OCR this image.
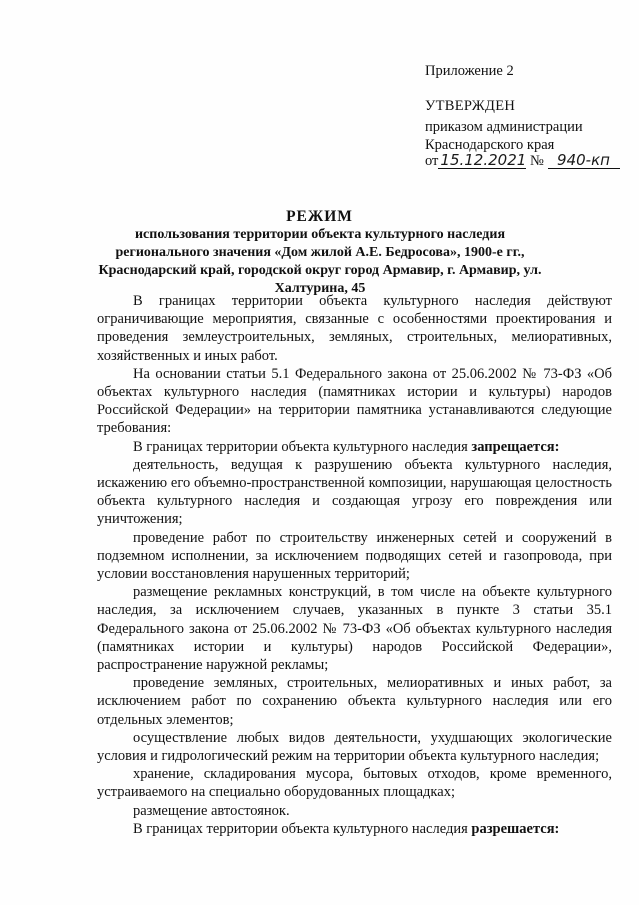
Приложение 2
УТВЕРЖДЕН
приказом администрации
Краснодарского края
от 15.12.2021 № 940-кп
РЕЖИМ
использования территории объекта культурного наследия регионального значения «Дом жилой А.Е. Бедросова», 1900-е гг., Краснодарский край, городской округ город Армавир, г. Армавир, ул. Халтурина, 45

В границах территории объекта культурного наследия действуют ограничивающие мероприятия, связанные с особенностями проектирования и проведения землеустроительных, земляных, строительных, мелиоративных, хозяйственных и иных работ.

На основании статьи 5.1 Федерального закона от 25.06.2002 № 73-ФЗ «Об объектах культурного наследия (памятниках истории и культуры) народов Российской Федерации» на территории памятника устанавливаются следующие требования:

В границах территории объекта культурного наследия запрещается:

деятельность, ведущая к разрушению объекта культурного наследия, искажению его объемно-пространственной композиции, нарушающая целостность объекта культурного наследия и создающая угрозу его повреждения или уничтожения;

проведение работ по строительству инженерных сетей и сооружений в подземном исполнении, за исключением подводящих сетей и газопровода, при условии восстановления нарушенных территорий;

размещение рекламных конструкций, в том числе на объекте культурного наследия, за исключением случаев, указанных в пункте 3 статьи 35.1 Федерального закона от 25.06.2002 № 73-ФЗ «Об объектах культурного наследия (памятниках истории и культуры) народов Российской Федерации», распространение наружной рекламы;

проведение земляных, строительных, мелиоративных и иных работ, за исключением работ по сохранению объекта культурного наследия или его отдельных элементов;

осуществление любых видов деятельности, ухудшающих экологические условия и гидрологический режим на территории объекта культурного наследия;

хранение, складирования мусора, бытовых отходов, кроме временного, устраиваемого на специально оборудованных площадках;

размещение автостоянок.

В границах территории объекта культурного наследия разрешается:
